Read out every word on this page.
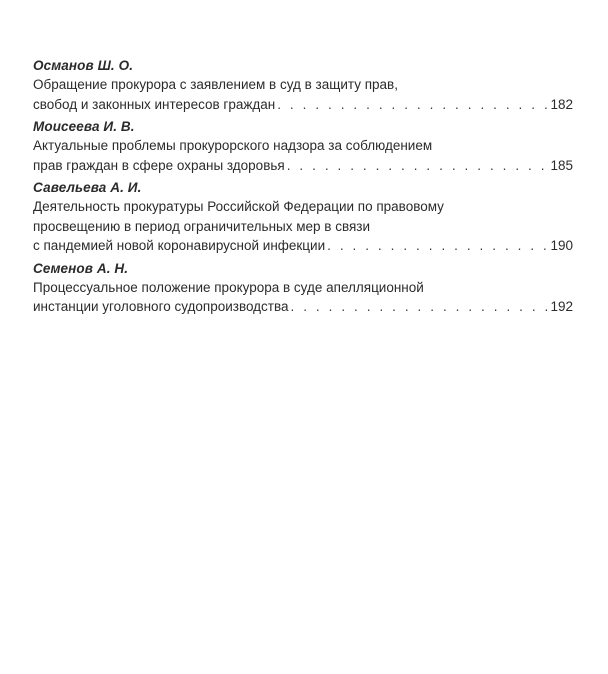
Османов Ш. О.
Обращение прокурора с заявлением в суд в защиту прав,
свобод и законных интересов граждан . . .	182
Моисеева И. В.
Актуальные проблемы прокурорского надзора за соблюдением
прав граждан в сфере охраны здоровья . . .	185
Савельева А. И.
Деятельность прокуратуры Российской Федерации по правовому
просвещению в период ограничительных мер в связи
с пандемией новой коронавирусной инфекции . . .	190
Семенов А. Н.
Процессуальное положение прокурора в суде апелляционной
инстанции уголовного судопроизводства . . .	192
